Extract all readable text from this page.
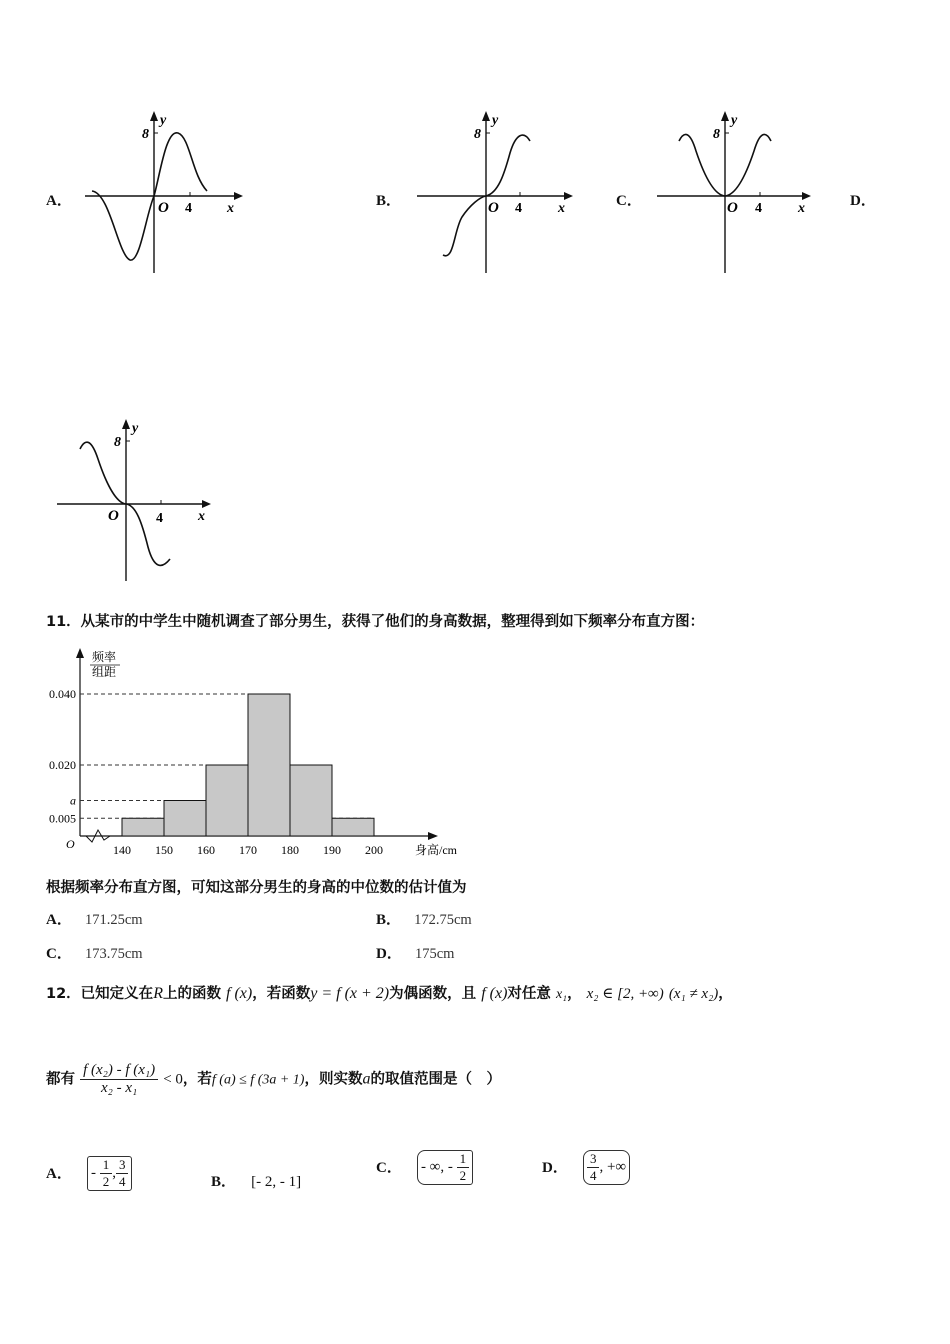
A．
y
8
O 4	x	B．
y
8
O 4	x	C．
y
8
O 4	x	D．
y
8
O	4	x
11．从某市的中学生中随机调查了部分男生，获得了他们的身高数据，整理得到如下频率分布直方图：
频率
组距
O	身高/cm
0.040
0.020
a
0.005
140 150 160 170 180 190 200
根据频率分布直方图，可知这部分男生的身高的中位数的估计值为
A． 171.25cm	B． 172.75cm
C． 173.75cm	D． 175cm
12．已知定义在R上的函数 f (x)，若函数y = f (x + 2)为偶函数，且 f (x)对任意 x₁， x₂ ∈ [2, +∞) (x₁ ≠ x₂)，
都有 $\frac{\text{f (x₂) - f (x₁)}}{\text{x₂ - x₁}} < 0$，若f (a) ≤ f (3a + 1)，则实数a的取值范围是（　）
A． - $\frac{1}{2}$ , $\frac{3}{4}$	B． [- 2, - 1]
C． - ∞, - $\frac{1}{2}$	D． $\frac{3}{4}$ , +∞
